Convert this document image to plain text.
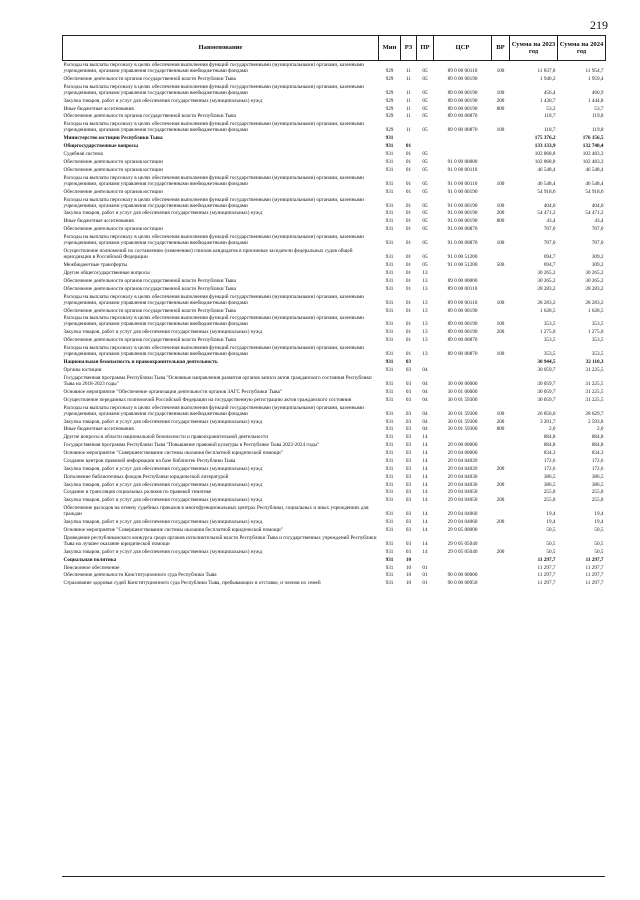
219
Наименование	Мин	РЗ	ПР	ЦСР	ВР	Сумма на 2023 год	Сумма на 2024 год
Расходы на выплаты персоналу в целях обеспечения выполнения функций государственными (муниципальными) органами, казенными учреждениями, органами управления государственными внебюджетными фондами	929	11	05	89 0 00 00110	100	11 837,8	11 954,7
Обеспечение деятельности органов государственной власти Республики Тыва	929	11	05	89 0 00 00190		1 940,2	1 959,4
Расходы на выплаты персоналу в целях обеспечения выполнения функций государственными (муниципальными) органами, казенными учреждениями, органами управления государственными внебюджетными фондами	929	11	05	89 0 00 00190	100	456,4	460,9
Закупка товаров, работ и услуг для обеспечения государственных (муниципальных) нужд	929	11	05	89 0 00 00190	200	1 430,7	1 444,8
Иные бюджетные ассигнования	929	11	05	89 0 00 00190	800	53,2	53,7
Обеспечение деятельности органов государственной власти Республики Тыва	929	11	05	89 0 00 00870		118,7	119,8
Расходы на выплаты персоналу в целях обеспечения выполнения функций государственными (муниципальными) органами, казенными учреждениями, органами управления государственными внебюджетными фондами	929	11	05	89 0 00 00870	100	118,7	119,8
Министерство юстиции Республики Тыва	931					175 376,2	176 156,5
Общегосударственные вопросы	931	01				133 133,9	132 748,4
Судебная система	931	01	05			102 868,8	102 483,3
Обеспечение деятельности органов юстиции	931	01	05	91 0 00 00000		102 868,8	102 483,3
Обеспечение деятельности органов юстиции	931	01	05	91 0 00 00110		46 548,4	46 548,4
Расходы на выплаты персоналу в целях обеспечения выполнения функций государственными (муниципальными) органами, казенными учреждениями, органами управления государственными внебюджетными фондами	931	01	05	91 0 00 00110	100	46 548,4	46 548,4
Обеспечение деятельности органов юстиции	931	01	05	91 0 00 00190		54 918,6	54 918,6
Расходы на выплаты персоналу в целях обеспечения выполнения функций государственными (муниципальными) органами, казенными учреждениями, органами управления государственными внебюджетными фондами	931	01	05	91 0 00 00190	100	404,0	404,0
Закупка товаров, работ и услуг для обеспечения государственных (муниципальных) нужд	931	01	05	91 0 00 00190	200	54 471,2	54 471,2
Иные бюджетные ассигнования	931	01	05	91 0 00 00190	800	43,4	43,4
Обеспечение деятельности органов юстиции	931	01	05	91 0 00 00870		707,0	707,0
Расходы на выплаты персоналу в целях обеспечения выполнения функций государственными (муниципальными) органами, казенными учреждениями, органами управления государственными внебюджетными фондами	931	01	05	91 0 00 00870	100	707,0	707,0
Осуществление полномочий по составлению (изменению) списков кандидатов в присяжные заседатели федеральных судов общей юрисдикции в Российской Федерации	931	01	05	91 0 00 51200		694,7	309,2
Межбюджетные трансферты	931	01	05	91 0 00 51200	500	694,7	309,2
Другие общегосударственные вопросы	931	01	13			30 265,2	30 265,2
Обеспечение деятельности органов государственной власти Республики Тыва	931	01	13	89 0 00 00000		30 265,2	30 265,2
Обеспечение деятельности органов государственной власти Республики Тыва	931	01	13	89 0 00 00110		28 283,2	28 283,2
Расходы на выплаты персоналу в целях обеспечения выполнения функций государственными (муниципальными) органами, казенными учреждениями, органами управления государственными внебюджетными фондами	931	01	13	89 0 00 00110	100	28 283,2	28 283,2
Обеспечение деятельности органов государственной власти Республики Тыва	931	01	13	89 0 00 00190		1 628,5	1 628,5
Расходы на выплаты персоналу в целях обеспечения выполнения функций государственными (муниципальными) органами, казенными учреждениями, органами управления государственными внебюджетными фондами	931	01	13	89 0 00 00190	100	353,5	353,5
Закупка товаров, работ и услуг для обеспечения государственных (муниципальных) нужд	931	01	13	89 0 00 00190	200	1 275,0	1 275,0
Обеспечение деятельности органов государственной власти Республики Тыва	931	01	13	89 0 00 00870		353,5	353,5
Расходы на выплаты персоналу в целях обеспечения выполнения функций государственными (муниципальными) органами, казенными учреждениями, органами управления государственными внебюджетными фондами	931	01	13	89 0 00 00870	100	353,5	353,5
Национальная безопасность и правоохранительная деятельность	931	03				30 944,5	32 110,3
Органы юстиции	931	03	04			30 059,7	31 225,5
Государственная программа Республики Тыва "Основные направления развития органов записи актов гражданского состояния Республики Тыва на 2018-2023 годы"	931	03	04	30 0 00 00000		30 059,7	31 225,5
Основное мероприятие "Обеспечение организации деятельности органов ЗАГС Республики Тыва"	931	03	04	30 0 01 00000		30 059,7	31 225,5
Осуществление переданных полномочий Российской Федерации на государственную регистрацию актов гражданского состояния	931	03	04	30 0 01 59300		30 059,7	31 225,5
Расходы на выплаты персоналу в целях обеспечения выполнения функций государственными (муниципальными) органами, казенными учреждениями, органами управления государственными внебюджетными фондами	931	03	04	30 0 01 59300	100	26 856,0	28 629,7
Закупка товаров, работ и услуг для обеспечения государственных (муниципальных) нужд	931	03	04	30 0 01 59300	200	3 201,7	2 593,8
Иные бюджетные ассигнования	931	03	04	30 0 01 59300	800	2,0	2,0
Другие вопросы в области национальной безопасности и правоохранительной деятельности	931	03	14			884,8	884,8
Государственная программа Республики Тыва "Повышение правовой культуры в Республике Тыва 2022-2024 годы"	931	03	14	29 0 00 00000		884,8	884,8
Основное мероприятие "Совершенствование системы оказания бесплатной юридической помощи"	931	03	14	29 0 04 00000		834,3	834,3
Создание центров правовой информации на базе библиотек Республики Тыва	931	03	14	29 0 04 04020		172,6	172,6
Закупка товаров, работ и услуг для обеспечения государственных (муниципальных) нужд	931	03	14	29 0 04 04020	200	172,6	172,6
Пополнение библиотечных фондов Республики юридической литературой	931	03	14	29 0 04 04030		386,5	386,5
Закупка товаров, работ и услуг для обеспечения государственных (муниципальных) нужд	931	03	14	29 0 04 04030	200	386,5	386,5
Создание и трансляция социальных роликов по правовой тематике	931	03	14	29 0 04 04050		255,8	255,8
Закупка товаров, работ и услуг для обеспечения государственных (муниципальных) нужд	931	03	14	29 0 04 04050	200	255,8	255,8
Обеспечение расходов на отмену судебных приказов в многофункциональных центрах Республики, социальных и иных учреждениях для граждан	931	03	14	29 0 04 04060		19,4	19,4
Закупка товаров, работ и услуг для обеспечения государственных (муниципальных) нужд	931	03	14	29 0 04 04060	200	19,4	19,4
Основное мероприятие "Совершенствование системы оказания бесплатной юридической помощи"	931	03	14	29 0 05 00000		50,5	50,5
Проведение республиканского конкурса среди органов исполнительной власти Республики Тыва и государственных учреждений Республики Тыва на лучшее оказание юридической помощи	931	03	14	29 0 05 05040		50,5	50,5
Закупка товаров, работ и услуг для обеспечения государственных (муниципальных) нужд	931	03	14	29 0 05 05040	200	50,5	50,5
Социальная политика	931	10				11 297,7	11 297,7
Пенсионное обеспечение	931	10	01			11 297,7	11 297,7
Обеспечение деятельности Конституционного суда Республики Тыва	931	10	01	90 0 00 00000		11 297,7	11 297,7
Страхование здоровья судей Конституционного суда Республики Тыва, пребывающих в отставке, и членов их семей	931	10	01	90 0 00 00950		11 297,7	11 297,7
